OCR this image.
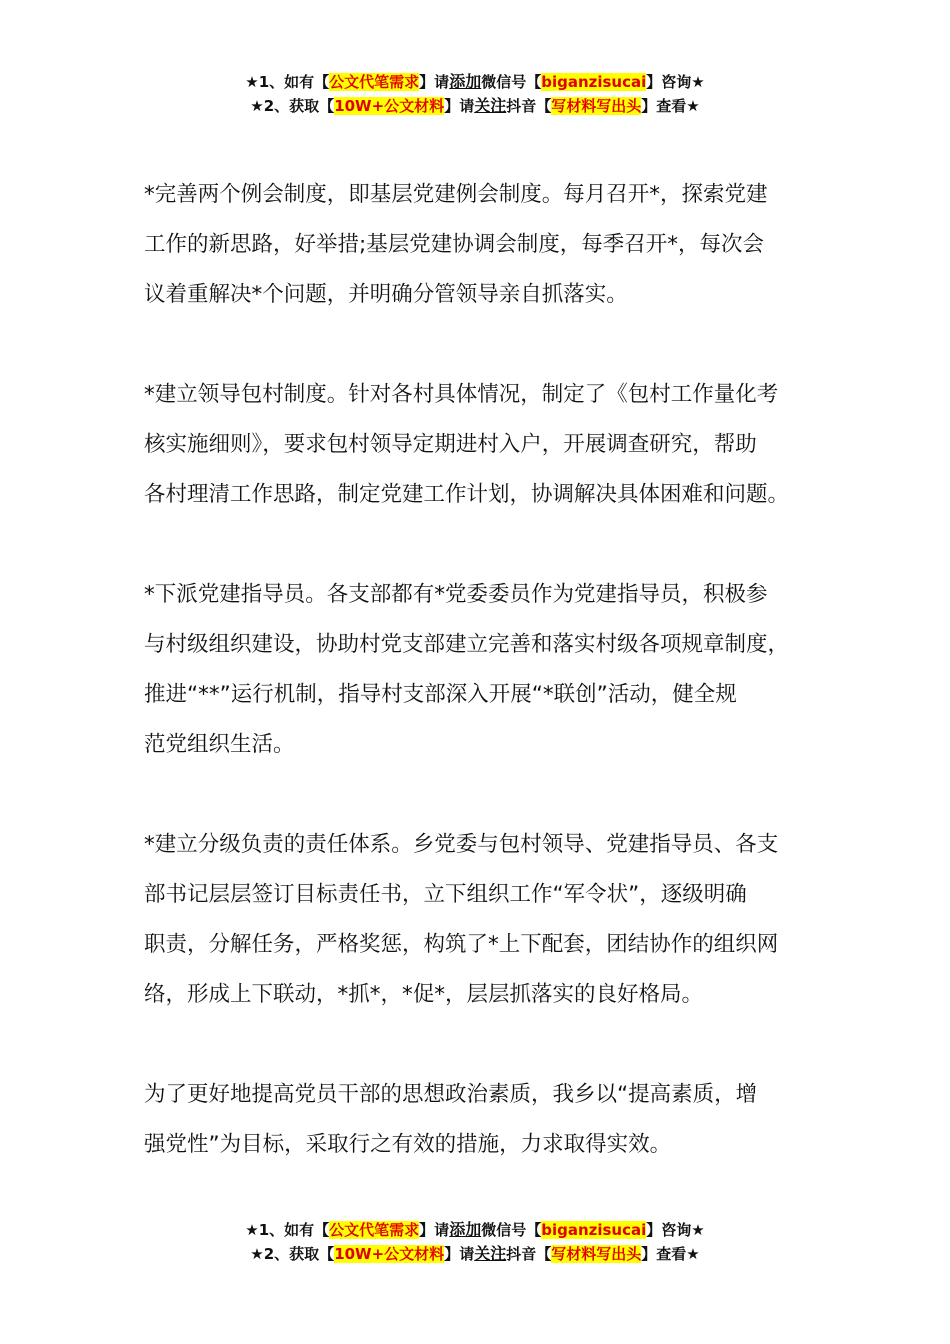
★1、如有【公文代笔需求】请添加微信号【biganzisucai】咨询★
★2、获取【10W+公文材料】请关注抖音【写材料写出头】查看★

*完善两个例会制度，即基层党建例会制度。每月召开*，探索党建
工作的新思路，好举措;基层党建协调会制度，每季召开*，每次会
议着重解决*个问题，并明确分管领导亲自抓落实。

*建立领导包村制度。针对各村具体情况，制定了《包村工作量化考
核实施细则》，要求包村领导定期进村入户，开展调查研究，帮助
各村理清工作思路，制定党建工作计划，协调解决具体困难和问题。

*下派党建指导员。各支部都有*党委委员作为党建指导员，积极参
与村级组织建设，协助村党支部建立完善和落实村级各项规章制度，
推进“**”运行机制，指导村支部深入开展“*联创”活动，健全规
范党组织生活。

*建立分级负责的责任体系。乡党委与包村领导、党建指导员、各支
部书记层层签订目标责任书，立下组织工作“军令状”，逐级明确
职责，分解任务，严格奖惩，构筑了*上下配套，团结协作的组织网
络，形成上下联动，*抓*，*促*，层层抓落实的良好格局。

为了更好地提高党员干部的思想政治素质，我乡以“提高素质，增
强党性”为目标，采取行之有效的措施，力求取得实效。

★1、如有【公文代笔需求】请添加微信号【biganzisucai】咨询★
★2、获取【10W+公文材料】请关注抖音【写材料写出头】查看★
